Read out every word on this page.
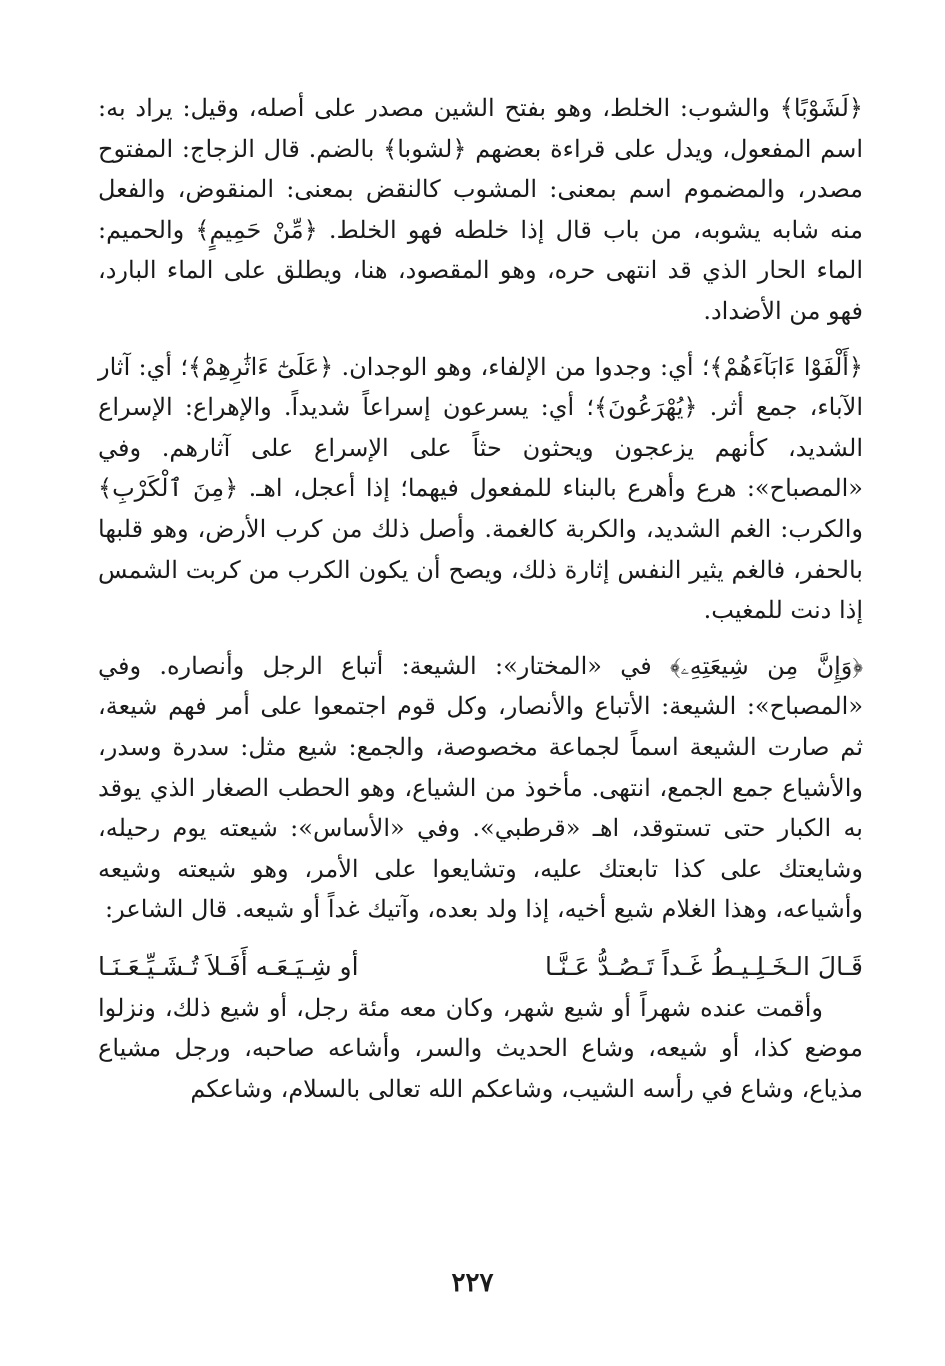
﴿لَشَوْبًا﴾ والشوب: الخلط، وهو بفتح الشين مصدر على أصله، وقيل: يراد به: اسم المفعول، ويدل على قراءة بعضهم ﴿لشوبا﴾ بالضم. قال الزجاج: المفتوح مصدر، والمضموم اسم بمعنى: المشوب كالنقض بمعنى: المنقوض، والفعل منه شابه يشوبه، من باب قال إذا خلطه فهو الخلط. ﴿مِّنْ حَمِيمٍ﴾ والحميم: الماء الحار الذي قد انتهى حره، وهو المقصود، هنا، ويطلق على الماء البارد، فهو من الأضداد.

﴿أَلْفَوْا ءَابَآءَهُمْ﴾؛ أي: وجدوا من الإلفاء، وهو الوجدان. ﴿عَلَىٰٓ ءَاثَٰرِهِمْ﴾؛ أي: آثار الآباء، جمع أثر. ﴿يُهْرَعُونَ﴾؛ أي: يسرعون إسراعاً شديداً. والإهراع: الإسراع الشديد، كأنهم يزعجون ويحثون حثاً على الإسراع على آثارهم. وفي «المصباح»: هرع وأهرع بالبناء للمفعول فيهما؛ إذا أعجل، اهـ. ﴿مِنَ ٱلْكَرْبِ﴾ والكرب: الغم الشديد، والكربة كالغمة. وأصل ذلك من كرب الأرض، وهو قلبها بالحفر، فالغم يثير النفس إثارة ذلك، ويصح أن يكون الكرب من كربت الشمس إذا دنت للمغيب.

﴿وَإِنَّ مِن شِيعَتِهِۦ﴾ في «المختار»: الشيعة: أتباع الرجل وأنصاره. وفي «المصباح»: الشيعة: الأتباع والأنصار، وكل قوم اجتمعوا على أمر فهم شيعة، ثم صارت الشيعة اسماً لجماعة مخصوصة، والجمع: شيع مثل: سدرة وسدر، والأشياع جمع الجمع، انتهى. مأخوذ من الشياع، وهو الحطب الصغار الذي يوقد به الكبار حتى تستوقد، اهـ «قرطبي». وفي «الأساس»: شيعته يوم رحيله، وشايعتك على كذا تابعتك عليه، وتشايعوا على الأمر، وهو شيعته وشيعه وأشياعه، وهذا الغلام شيع أخيه، إذا ولد بعده، وآتيك غداً أو شيعه. قال الشاعر:

قَـالَ الـخَـلِـيـطُ غَـداً تَـصُـدُّ عَـنَّـا
أو شِـيَـعَـه أَفَـلاَ تُـشَـيِّـعَـنَـا

وأقمت عنده شهراً أو شيع شهر، وكان معه مئة رجل، أو شيع ذلك، ونزلوا موضع كذا، أو شيعه، وشاع الحديث والسر، وأشاعه صاحبه، ورجل مشياع مذياع، وشاع في رأسه الشيب، وشاعكم الله تعالى بالسلام، وشاعكم

٢٢٧
